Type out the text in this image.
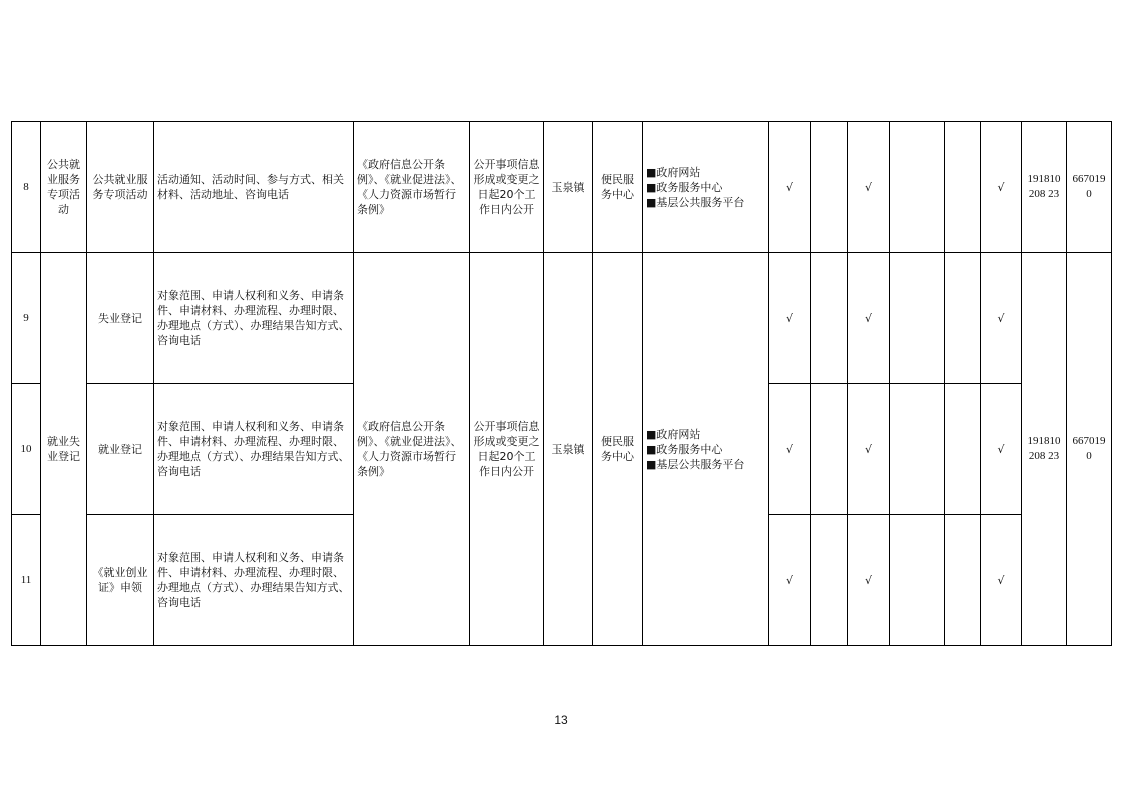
8	公共就业服务专项活动	公共就业服务专项活动	活动通知、活动时间、参与方式、相关材料、活动地址、咨询电话	《政府信息公开条例》、《就业促进法》、《人力资源市场暂行条例》	公开事项信息形成或变更之日起20个工作日内公开	玉泉镇	便民服务中心	■政府网站
■政务服务中心
■基层公共服务平台	√		√			√	191810208 23	6670190
9	就业失业登记	失业登记	对象范围、申请人权利和义务、申请条件、申请材料、办理流程、办理时限、办理地点（方式）、办理结果告知方式、咨询电话	《政府信息公开条例》、《就业促进法》、《人力资源市场暂行条例》	公开事项信息形成或变更之日起20个工作日内公开	玉泉镇	便民服务中心	■政府网站
■政务服务中心
■基层公共服务平台	√		√			√	191810208 23	6670190
10		就业登记	对象范围、申请人权利和义务、申请条件、申请材料、办理流程、办理时限、办理地点（方式）、办理结果告知方式、咨询电话						√		√			√		
11		《就业创业证》申领	对象范围、申请人权利和义务、申请条件、申请材料、办理流程、办理时限、办理地点（方式）、办理结果告知方式、咨询电话						√		√			√		
13
